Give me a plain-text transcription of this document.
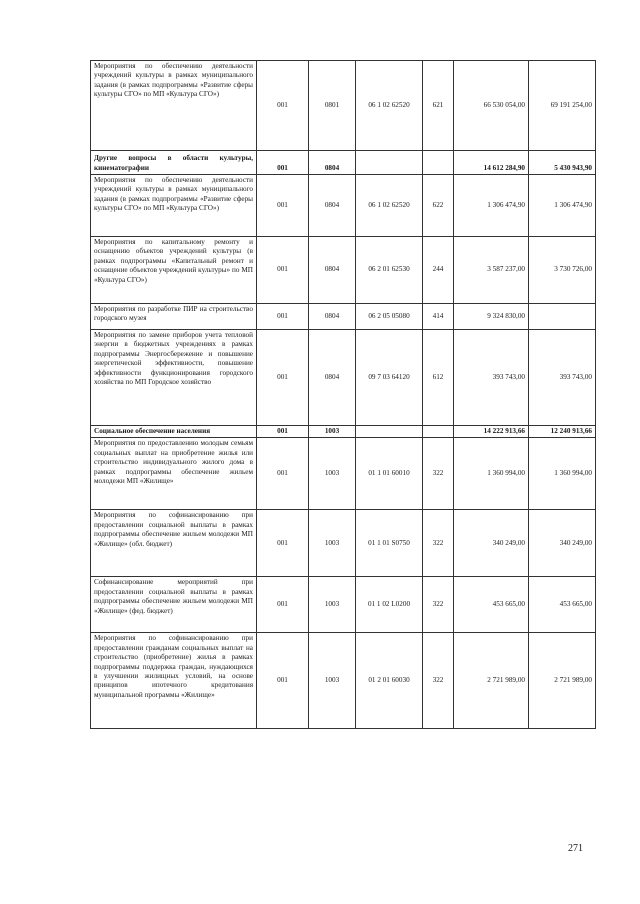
Мероприятия по обеспечению деятельности учреждений культуры в рамках муниципального задания (в рамках подпрограммы «Развитие сферы культуры СГО» по МП «Культура СГО»)	001	0801	06 1 02 62520	621	66 530 054,00	69 191 254,00
Другие вопросы в области культуры, кинематографии	001	0804			14 612 284,90	5 430 943,90
Мероприятия по обеспечению деятельности учреждений культуры в рамках муниципального задания (в рамках подпрограммы «Развитие сферы культуры СГО» по МП «Культура СГО»)	001	0804	06 1 02 62520	622	1 306 474,90	1 306 474,90
Мероприятия по капитальному ремонту и оснащению объектов учреждений культуры (в рамках подпрограммы «Капитальный ремонт и оснащение объектов учреждений культуры» по МП «Культура СГО»)	001	0804	06 2 01 62530	244	3 587 237,00	3 730 726,00
Мероприятия по разработке ПИР на строительство городского музея	001	0804	06 2 05 05080	414	9 324 830,00	
Мероприятия по замене приборов учета тепловой энергии в бюджетных учреждениях в рамках подпрограммы Энергосбережение и повышение энергетической эффективности, повышение эффективности функционирования городского хозяйства по МП Городское хозяйство	001	0804	09 7 03 64120	612	393 743,00	393 743,00
Социальное обеспечение населения	001	1003			14 222 913,66	12 240 913,66
Мероприятия по предоставлению молодым семьям социальных выплат на приобретение жилья или строительство индивидуального жилого дома в рамках подпрограммы обеспечение жильем молодежи МП «Жилище»	001	1003	01 1 01 60010	322	1 360 994,00	1 360 994,00
Мероприятия по софинансированию при предоставлении социальной выплаты в рамках подпрограммы обеспечение жильем молодежи МП «Жилище» (обл. бюджет)	001	1003	01 1 01 S0750	322	340 249,00	340 249,00
Софинансирование мероприятий при предоставлении социальной выплаты в рамках подпрограммы обеспечение жильем молодежи МП «Жилище» (фед. бюджет)	001	1003	01 1 02 L0200	322	453 665,00	453 665,00
Мероприятия по софинансированию при предоставлении гражданам социальных выплат на строительство (приобретение) жилья в рамках подпрограммы поддержка граждан, нуждающихся в улучшении жилищных условий, на основе принципов ипотечного кредитования муниципальной программы «Жилище»	001	1003	01 2 01 60030	322	2 721 989,00	2 721 989,00
271
